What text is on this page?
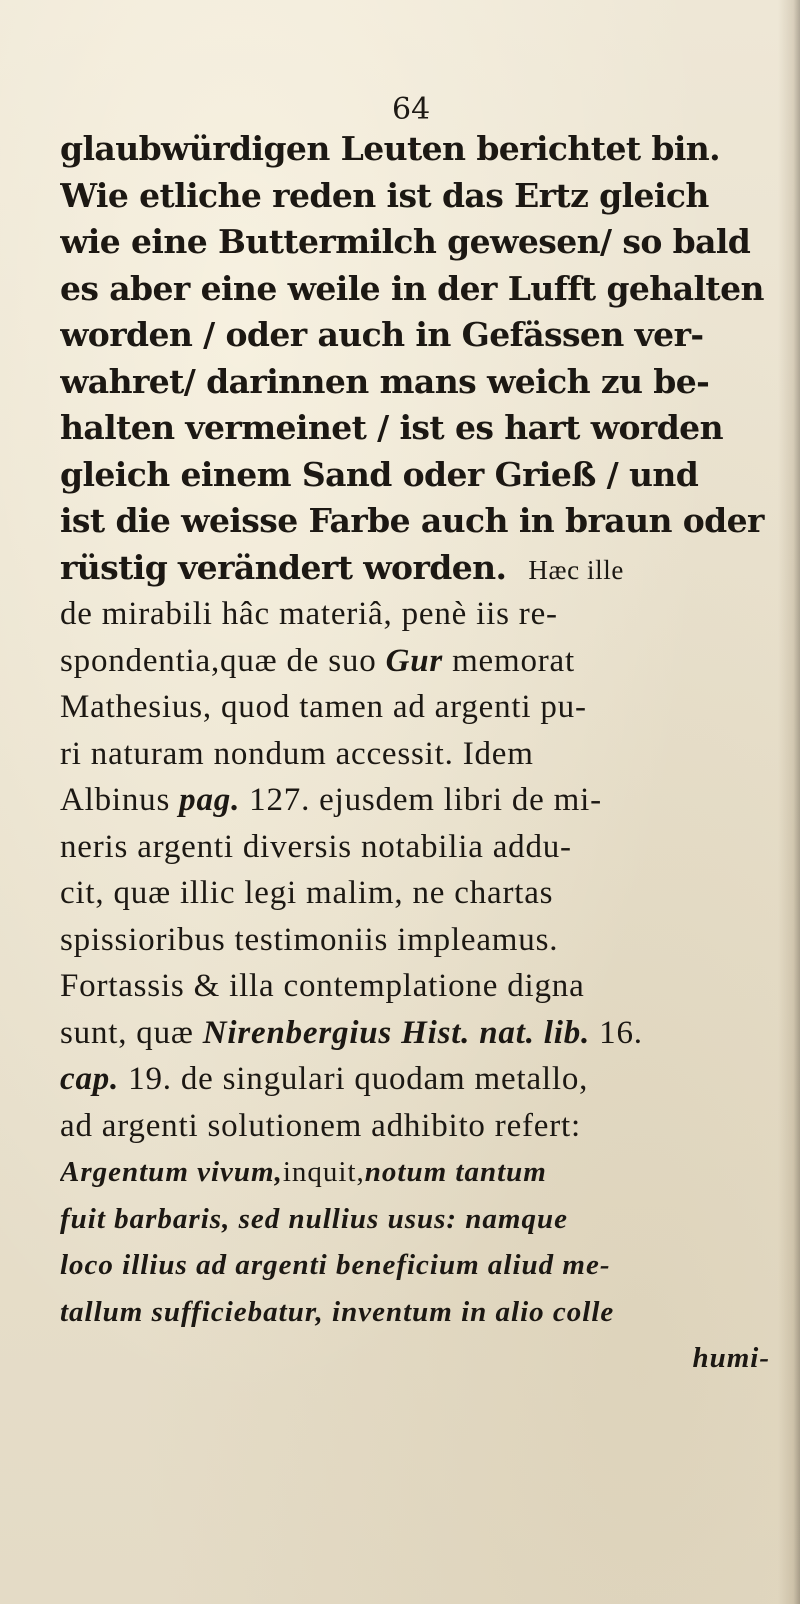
64
glaubwürdigen Leuten berichtet bin.
Wie etliche reden ist das Ertz gleich
wie eine Buttermilch gewesen/ so bald
es aber eine weile in der Lufft gehalten
worden / oder auch in Gefässen ver-
wahret/ darinnen mans weich zu be-
halten vermeinet / ist es hart worden
gleich einem Sand oder Grieß / und
ist die weisse Farbe auch in braun oder
rüstig verändert worden. Hæc ille
de mirabili hâc materiâ, penè iis re-
spondentia,quæ de suo Gur memorat
Mathesius, quod tamen ad argenti pu-
ri naturam nondum accessit. Idem
Albinus pag. 127. ejusdem libri de mi-
neris argenti diversis notabilia addu-
cit, quæ illic legi malim, ne chartas
spissioribus testimoniis impleamus.
Fortassis & illa contemplatione digna
sunt, quæ Nirenbergius Hist. nat. lib. 16.
cap. 19. de singulari quodam metallo,
ad argenti solutionem adhibito refert:
Argentum vivum,inquit,notum tantum
fuit barbaris, sed nullius usus: namque
loco illius ad argenti beneficium aliud me-
tallum sufficiebatur, inventum in alio colle
humi-
